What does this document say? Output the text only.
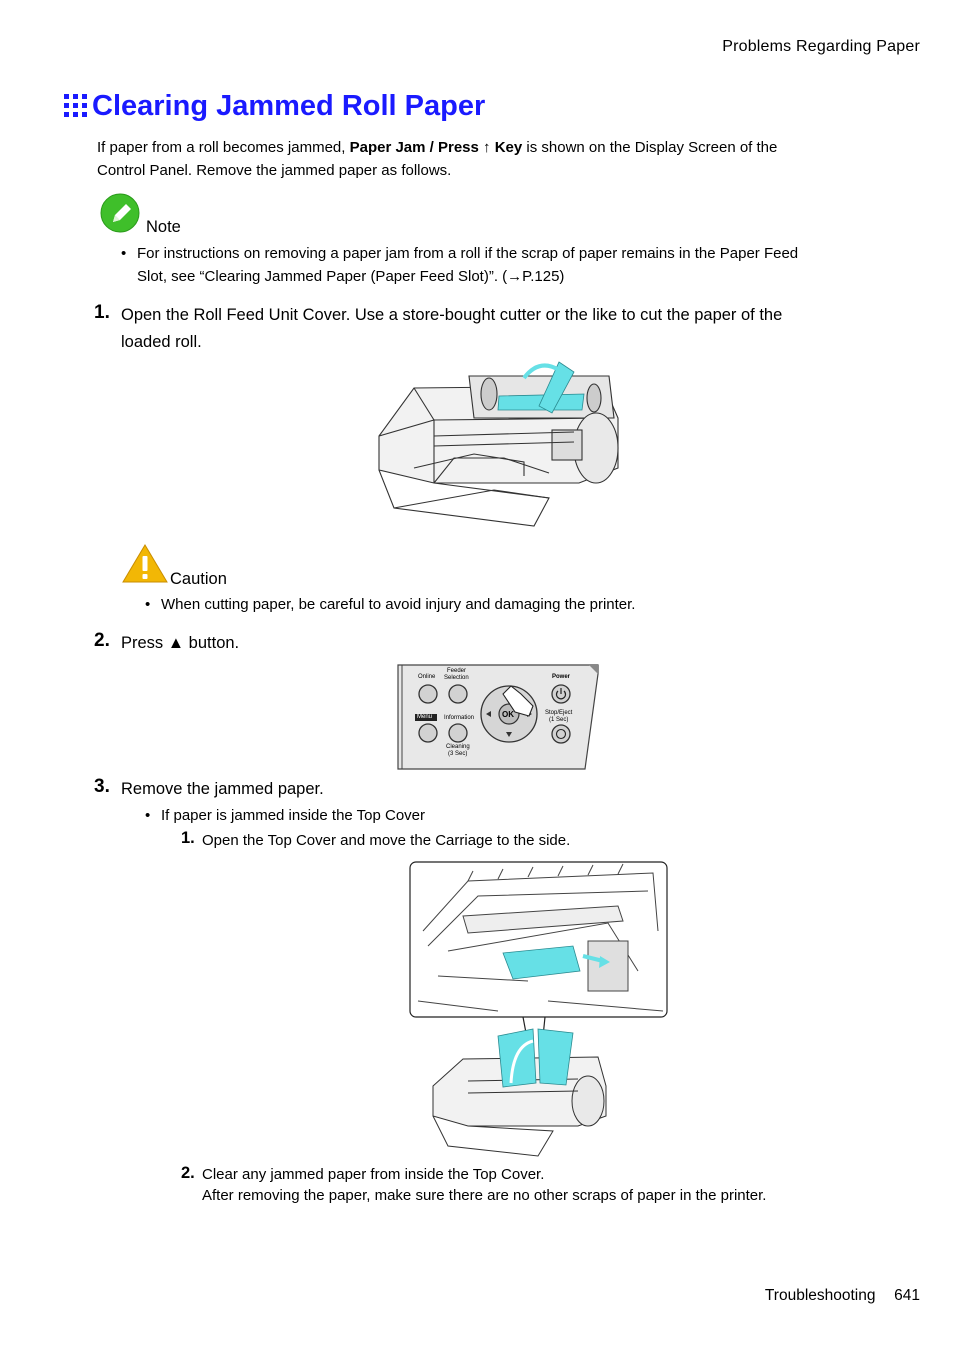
Problems Regarding Paper
Clearing Jammed Roll Paper
If paper from a roll becomes jammed, Paper Jam / Press ↑ Key is shown on the Display Screen of the
Control Panel. Remove the jammed paper as follows.
Note
• For instructions on removing a paper jam from a roll if the scrap of paper remains in the Paper Feed
Slot, see “Clearing Jammed Paper (Paper Feed Slot)”. (→P.125)
1. Open the Roll Feed Unit Cover. Use a store-bought cutter or the like to cut the paper of the
loaded roll.
Caution
• When cutting paper, be careful to avoid injury and damaging the printer.
2. Press ▲ button.
Online
Feeder
Selection
Menu Information
Cleaning
(3 Sec)
OK
Power
Stop/Eject
(1 Sec)
3. Remove the jammed paper.
• If paper is jammed inside the Top Cover
1. Open the Top Cover and move the Carriage to the side.
2. Clear any jammed paper from inside the Top Cover.
After removing the paper, make sure there are no other scraps of paper in the printer.
Troubleshooting 641
